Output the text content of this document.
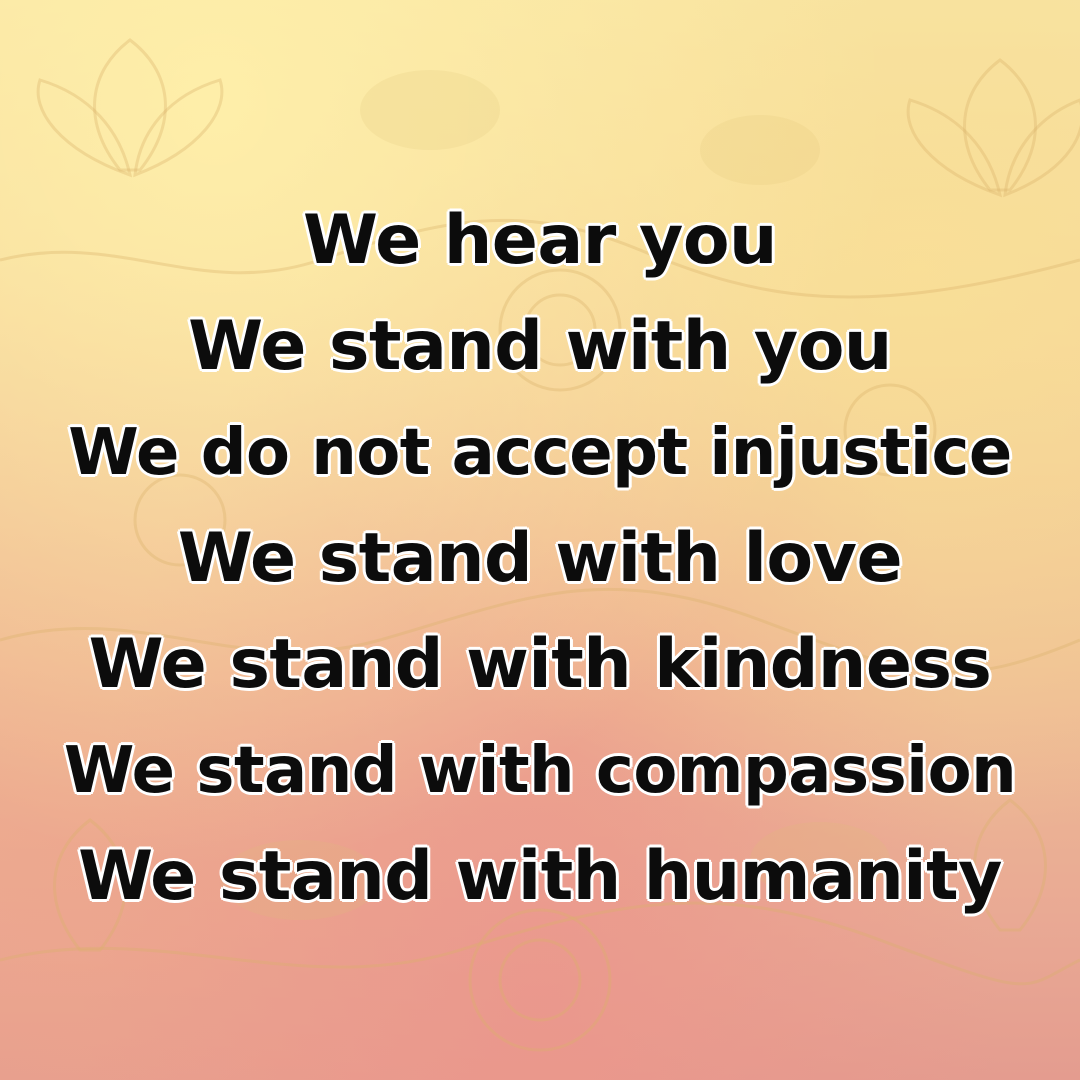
We hear you
We stand with you
We do not accept injustice
We stand with love
We stand with kindness
We stand with compassion
We stand with humanity
